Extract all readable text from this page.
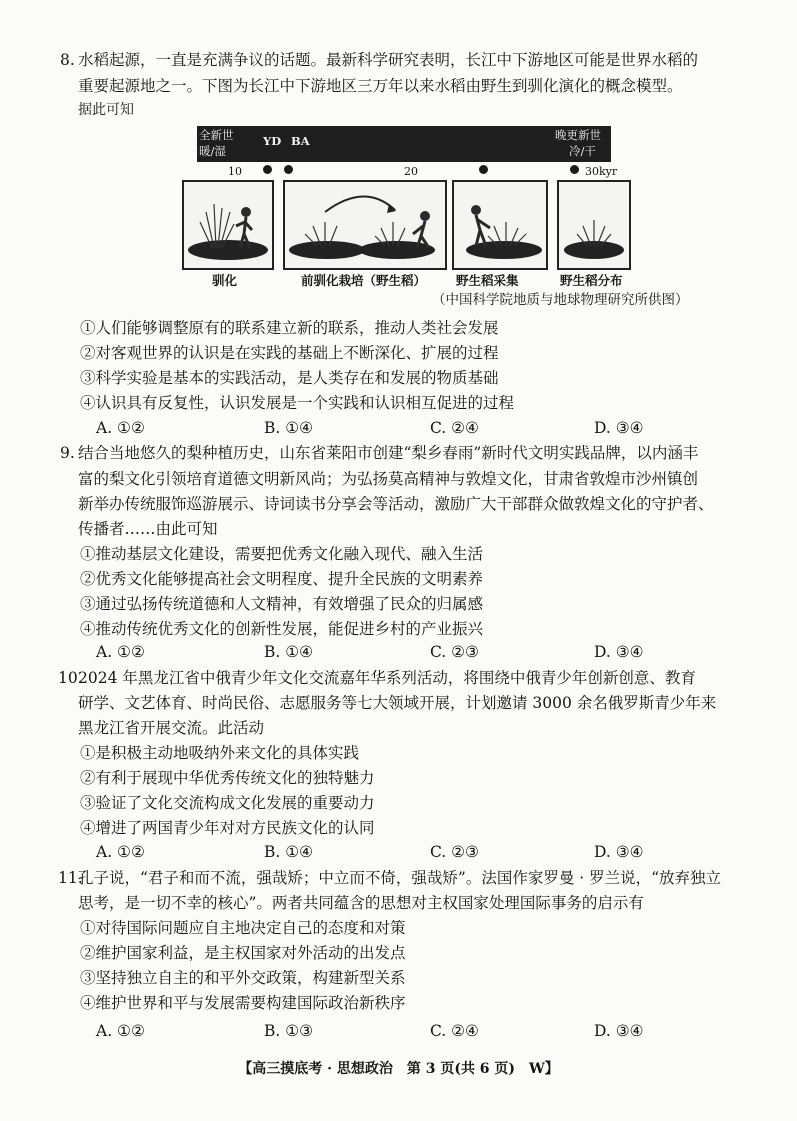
8. 水稻起源，一直是充满争议的话题。最新科学研究表明，长江中下游地区可能是世界水稻的
重要起源地之一。下图为长江中下游地区三万年以来水稻由野生到驯化演化的概念模型。
据此可知
全新世
暖/湿
YD BA	晚更新世
冷/干
10	20	30kyr
驯化	前驯化栽培（野生稻） 野生稻采集	野生稻分布
（中国科学院地质与地球物理研究所供图）
①人们能够调整原有的联系建立新的联系，推动人类社会发展
②对客观世界的认识是在实践的基础上不断深化、扩展的过程
③科学实验是基本的实践活动，是人类存在和发展的物质基础
④认识具有反复性，认识发展是一个实践和认识相互促进的过程
A. ①②	B. ①④	C. ②④	D. ③④
9. 结合当地悠久的梨种植历史，山东省莱阳市创建“梨乡春雨”新时代文明实践品牌，以内涵丰
富的梨文化引领培育道德文明新风尚；为弘扬莫高精神与敦煌文化，甘肃省敦煌市沙州镇创
新举办传统服饰巡游展示、诗词读书分享会等活动，激励广大干部群众做敦煌文化的守护者、
传播者……由此可知
①推动基层文化建设，需要把优秀文化融入现代、融入生活
②优秀文化能够提高社会文明程度、提升全民族的文明素养
③通过弘扬传统道德和人文精神，有效增强了民众的归属感
④推动传统优秀文化的创新性发展，能促进乡村的产业振兴
A. ①②	B. ①④	C. ②③	D. ③④
10.
2024 年黑龙江省中俄青少年文化交流嘉年华系列活动，将围绕中俄青少年创新创意、教育
研学、文艺体育、时尚民俗、志愿服务等七大领域开展，计划邀请 3000 余名俄罗斯青少年来
黑龙江省开展交流。此活动
①是积极主动地吸纳外来文化的具体实践
②有利于展现中华优秀传统文化的独特魅力
③验证了文化交流构成文化发展的重要动力
④增进了两国青少年对对方民族文化的认同
A. ①②	B. ①④	C. ②③	D. ③④
11.
孔子说，“君子和而不流，强哉矫；中立而不倚，强哉矫”。法国作家罗曼 · 罗兰说，“放弃独立
思考，是一切不幸的核心”。两者共同蕴含的思想对主权国家处理国际事务的启示有
①对待国际问题应自主地决定自己的态度和对策
②维护国家利益，是主权国家对外活动的出发点
③坚持独立自主的和平外交政策，构建新型关系
④维护世界和平与发展需要构建国际政治新秩序
A. ①②	B. ①③	C. ②④	D. ③④
【高三摸底考 · 思想政治　第 3 页(共 6 页)　W】
